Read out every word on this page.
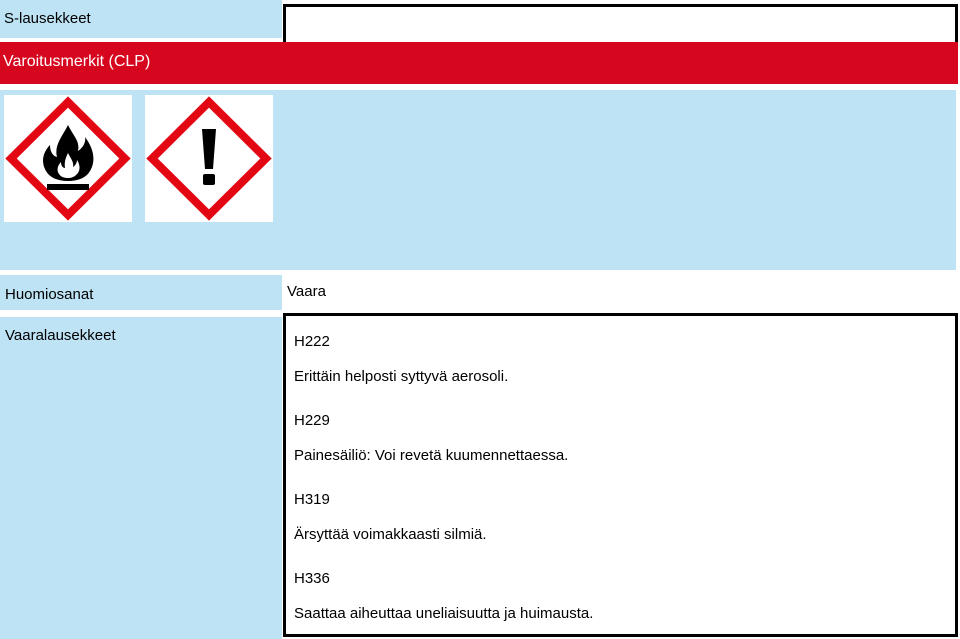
S-lausekkeet
Varoitusmerkit (CLP)
Huomiosanat	Vaara
Vaaralausekkeet	H222
Erittäin helposti syttyvä aerosoli.
H229
Painesäiliö: Voi revetä kuumennettaessa.
H319
Ärsyttää voimakkaasti silmiä.
H336
Saattaa aiheuttaa uneliaisuutta ja huimausta.
